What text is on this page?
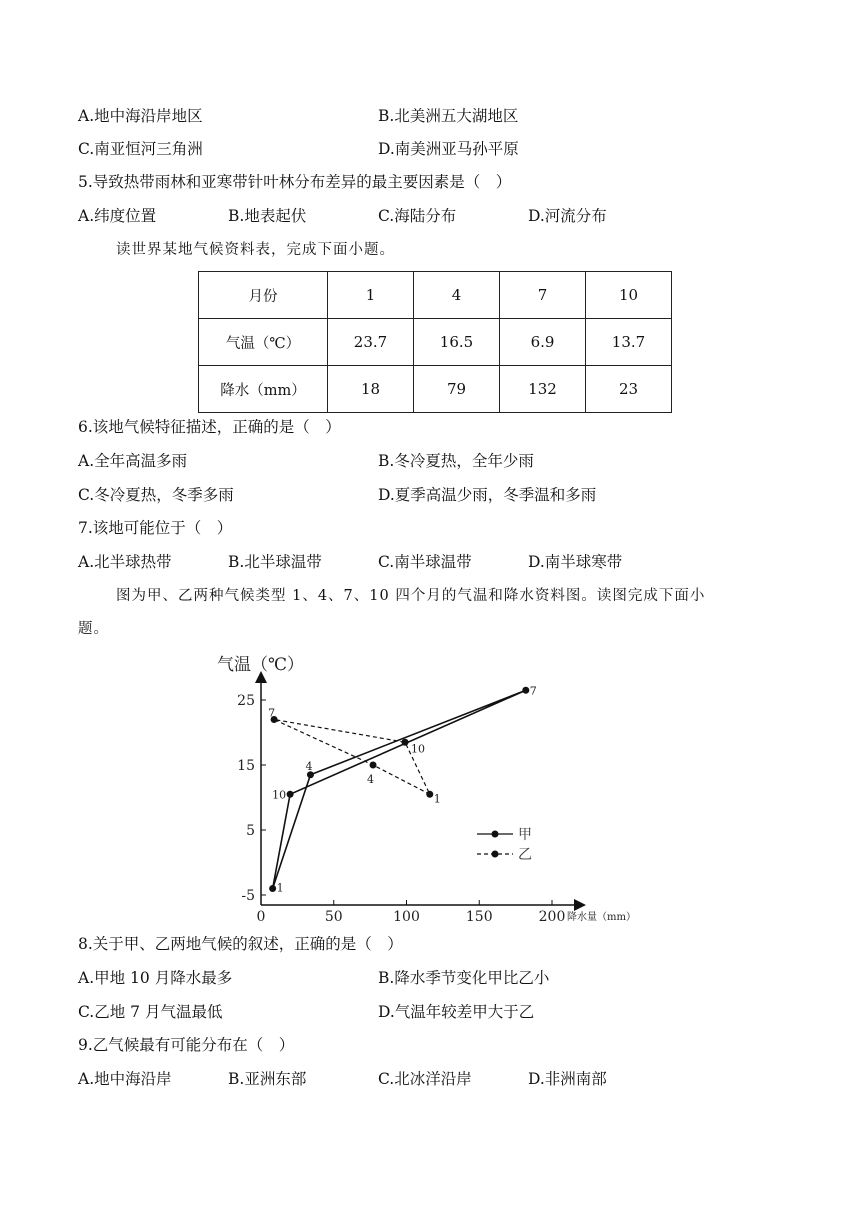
A.地中海沿岸地区	B.北美洲五大湖地区
C.南亚恒河三角洲	D.南美洲亚马孙平原
5.导致热带雨林和亚寒带针叶林分布差异的最主要因素是（　）
A.纬度位置	B.地表起伏	C.海陆分布	D.河流分布
读世界某地气候资料表，完成下面小题。
月份	1	4	7	10
气温（℃）	23.7	16.5	6.9	13.7
降水（mm）	18	79	132	23
6.该地气候特征描述，正确的是（　）
A.全年高温多雨	B.冬冷夏热，全年少雨
C.冬冷夏热，冬季多雨	D.夏季高温少雨，冬季温和多雨
7.该地可能位于（　）
A.北半球热带	B.北半球温带	C.南半球温带	D.南半球寒带
图为甲、乙两种气候类型 1、4、7、10 四个月的气温和降水资料图。读图完成下面小
题。
气温（℃）
降水量（mm）
0	50	100	150	200
-5
5
15
25
1
4
7
10	1
4
7
10
甲
乙
8.关于甲、乙两地气候的叙述，正确的是（　）
A.甲地 10 月降水最多	B.降水季节变化甲比乙小
C.乙地 7 月气温最低	D.气温年较差甲大于乙
9.乙气候最有可能分布在（　）
A.地中海沿岸	B.亚洲东部	C.北冰洋沿岸	D.非洲南部
